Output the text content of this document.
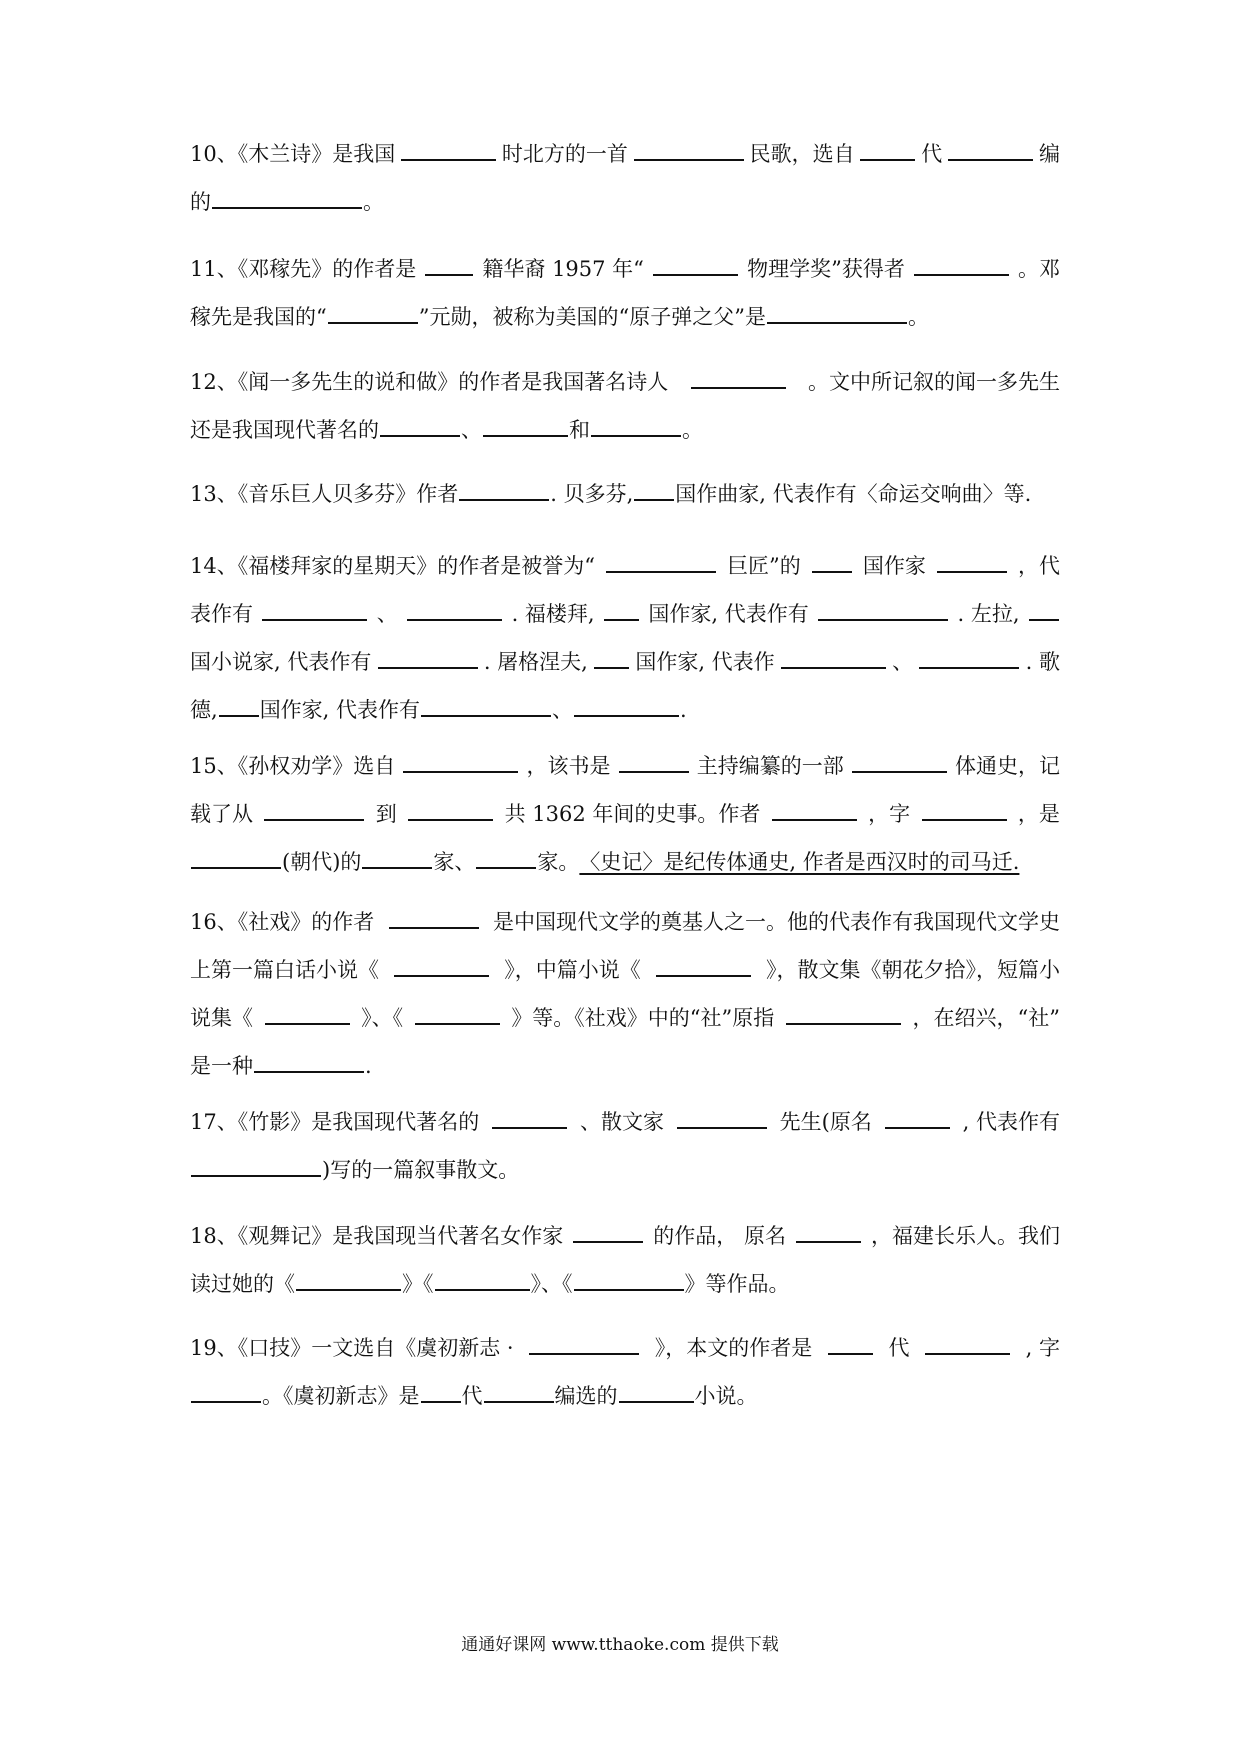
10、《木兰诗》是我国	时北方的一首	民歌，选自	代	编
的	。
11、《邓稼先》的作者是	籍华裔 1957 年“	物理学奖”获得者	。邓
稼先是我国的“	”元勋，被称为美国的“原子弹之父”是	。
12、《闻一多先生的说和做》的作者是我国著名诗人	。文中所记叙的闻一多先生
还是我国现代著名的	、	和	。
13、《音乐巨人贝多芬》作者	. 贝多芬, 国作曲家, 代表作有〈命运交响曲〉等.
14、《福楼拜家的星期天》的作者是被誉为“	巨匠”的	国作家	，代
表作有	、	. 福楼拜,	国作家, 代表作有	. 左拉,
国小说家, 代表作有	. 屠格涅夫, 国作家, 代表作	、	. 歌
德, 国作家, 代表作有	、	.
15、《孙权劝学》选自	，该书是	主持编纂的一部	体通史，记
载了从	到	共 1362 年间的史事。作者	，字	，是
(朝代)的	家、	家。 〈史记〉是纪传体通史, 作者是西汉时的司马迁.
16、《社戏》的作者	是中国现代文学的奠基人之一。他的代表作有我国现代文学史
上第一篇白话小说《	》，中篇小说《	》，散文集《朝花夕拾》，短篇小
说集《	》、《	》等。《社戏》中的“社”原指	，在绍兴，“社”
是一种	.
17、《竹影》是我国现代著名的	、散文家	先生(原名	, 代表作有
)写的一篇叙事散文。
18、《观舞记》是我国现当代著名女作家	的作品， 原名	，福建长乐人。我们
读过她的《	》《	》、《	》等作品。
19、《口技》一文选自《虞初新志 ·	》，本文的作者是	代	, 字
。《虞初新志》是 代	编选的	小说。
通通好课网 www.tthaoke.com 提供下载
